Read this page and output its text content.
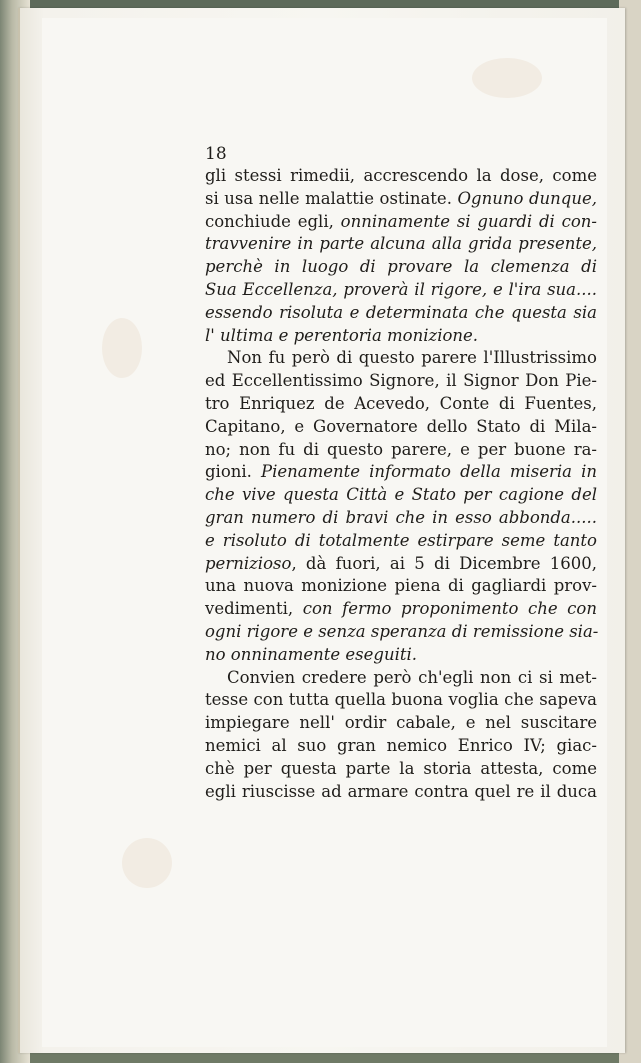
18
gli stessi rimedii, accrescendo la dose, come
si usa nelle malattie ostinate. Ognuno dunque,
conchiude egli, onninamente si guardi di con-
travvenire in parte alcuna alla grida presente,
perchè in luogo di provare la clemenza di
Sua Eccellenza, proverà il rigore, e l'ira sua....
essendo risoluta e determinata che questa sia
l' ultima e perentoria monizione.
Non fu però di questo parere l'Illustrissimo
ed Eccellentissimo Signore, il Signor Don Pie-
tro Enriquez de Acevedo, Conte di Fuentes,
Capitano, e Governatore dello Stato di Mila-
no; non fu di questo parere, e per buone ra-
gioni. Pienamente informato della miseria in
che vive questa Città e Stato per cagione del
gran numero di bravi che in esso abbonda.....
e risoluto di totalmente estirpare seme tanto
pernizioso, dà fuori, ai 5 di Dicembre 1600,
una nuova monizione piena di gagliardi prov-
vedimenti, con fermo proponimento che con
ogni rigore e senza speranza di remissione sia-
no onninamente eseguiti.
Convien credere però ch'egli non ci si met-
tesse con tutta quella buona voglia che sapeva
impiegare nell' ordir cabale, e nel suscitare
nemici al suo gran nemico Enrico IV; giac-
chè per questa parte la storia attesta, come
egli riuscisse ad armare contra quel re il duca
